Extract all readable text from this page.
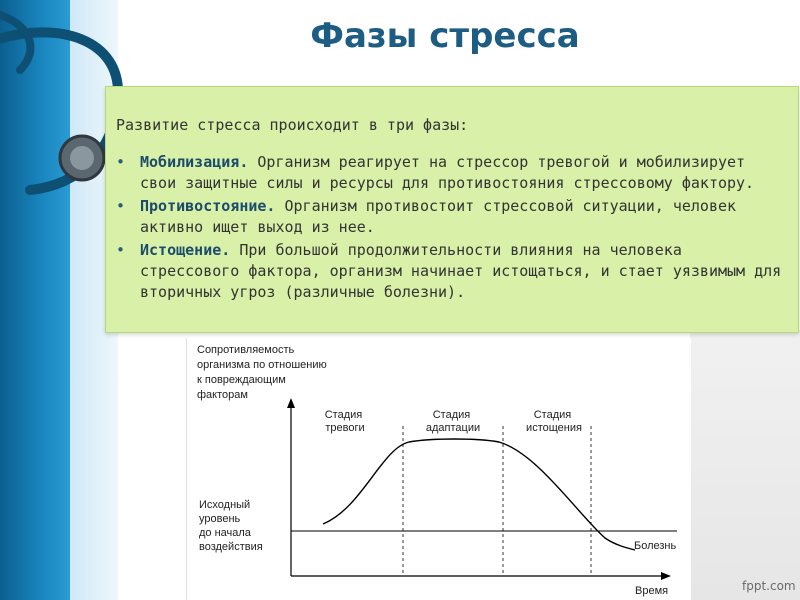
Фазы стресса
Развитие стресса происходит в три фазы:
• Мобилизация. Организм реагирует на стрессор тревогой и мобилизирует свои защитные силы и ресурсы для противостояния стрессовому фактору.
• Противостояние. Организм противостоит стрессовой ситуации, человек активно ищет выход из нее.
• Истощение. При большой продолжительности влияния на человека стрессового фактора, организм начинает истощаться, и стает уязвимым для вторичных угроз (различные болезни).
Сопротивляемость организма по отношению к повреждающим факторам
Исходный уровень до начала воздействия
Стадия тревоги
Стадия адаптации
Стадия истощения
Болезнь
Время	fppt.com
